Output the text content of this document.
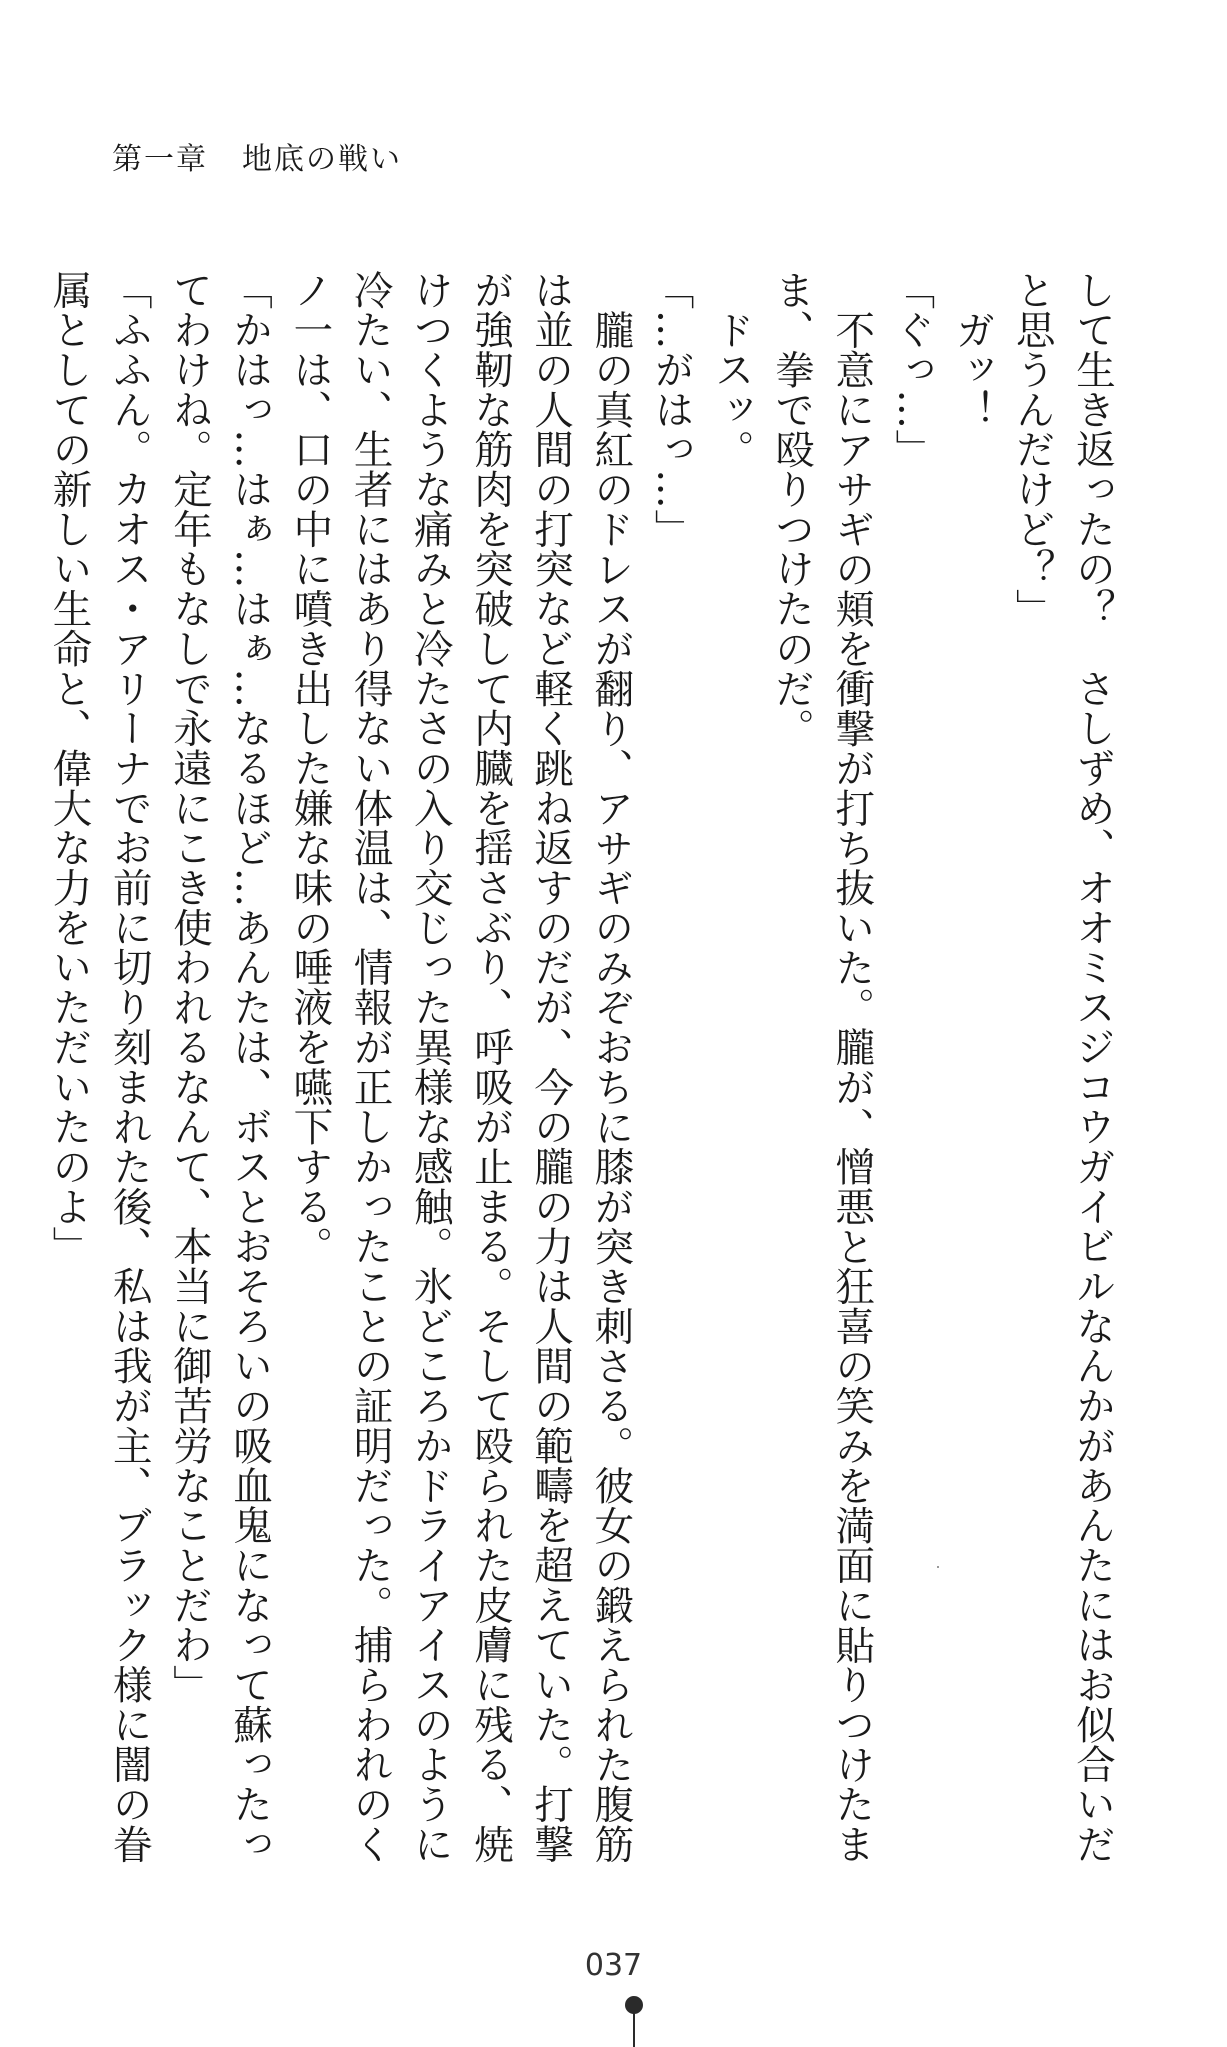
第一章 地底の戦い

して生き返ったの？　さしずめ、オオミスジコウガイビルなんかがあんたにはお似合いだ

と思うんだけど？」

ガッ！

「ぐっ…」

不意にアサギの頬を衝撃が打ち抜いた。朧が、憎悪と狂喜の笑みを満面に貼りつけたま

ま、拳で殴りつけたのだ。

ドスッ。

「…がはっ…」

朧の真紅のドレスが翻り、アサギのみぞおちに膝が突き刺さる。彼女の鍛えられた腹筋

は並の人間の打突など軽く跳ね返すのだが、今の朧の力は人間の範疇を超えていた。打撃

が強靭な筋肉を突破して内臓を揺さぶり、呼吸が止まる。そして殴られた皮膚に残る、焼

けつくような痛みと冷たさの入り交じった異様な感触。氷どころかドライアイスのように

冷たい、生者にはあり得ない体温は、情報が正しかったことの証明だった。捕らわれのく

ノ一は、口の中に噴き出した嫌な味の唾液を嚥下する。

「かはっ…はぁ…はぁ…なるほど…あんたは、ボスとおそろいの吸血鬼になって蘇ったっ

てわけね。定年もなしで永遠にこき使われるなんて、本当に御苦労なことだわ」

「ふふん。カオス・アリーナでお前に切り刻まれた後、私は我が主、ブラック様に闇の眷

属としての新しい生命と、偉大な力をいただいたのよ」

037
